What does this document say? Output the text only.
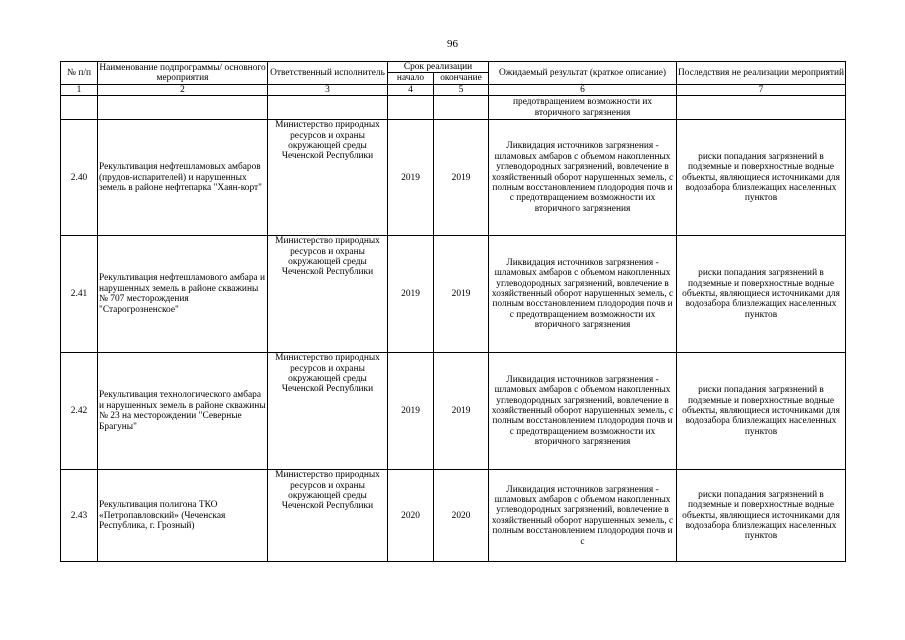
96
№ п/п	Наименование подпрограммы/ основного мероприятия	Ответственный исполнитель	Срок реализации		Ожидаемый результат (краткое описание)	Последствия не реализации мероприятий
			начало	окончание		
1	2	3	4	5	6	7
					предотвращением возможности их вторичного загрязнения	
2.40	Рекультивация нефтешламовых амбаров (прудов-испарителей) и нарушенных земель в районе нефтепарка "Хаян-корт"	Министерство природных ресурсов и охраны окружающей среды Чеченской Республики	2019	2019	Ликвидация источников загрязнения - шламовых амбаров с объемом накопленных углеводородных загрязнений, вовлечение в хозяйственный оборот нарушенных земель, с полным восстановлением плодородия почв и с предотвращением возможности их вторичного загрязнения	риски попадания загрязнений в подземные и поверхностные водные объекты, являющиеся источниками для водозабора близлежащих населенных пунктов
2.41	Рекультивация нефтешламового амбара и нарушенных земель в районе скважины № 707 месторождения "Старогрозненское"	Министерство природных ресурсов и охраны окружающей среды Чеченской Республики	2019	2019	Ликвидация источников загрязнения - шламовых амбаров с объемом накопленных углеводородных загрязнений, вовлечение в хозяйственный оборот нарушенных земель, с полным восстановлением плодородия почв и с предотвращением возможности их вторичного загрязнения	риски попадания загрязнений в подземные и поверхностные водные объекты, являющиеся источниками для водозабора близлежащих населенных пунктов
2.42	Рекультивация технологического амбара и нарушенных земель в районе скважины № 23 на месторождении "Северные Брагуны"	Министерство природных ресурсов и охраны окружающей среды Чеченской Республики	2019	2019	Ликвидация источников загрязнения - шламовых амбаров с объемом накопленных углеводородных загрязнений, вовлечение в хозяйственный оборот нарушенных земель, с полным восстановлением плодородия почв и с предотвращением возможности их вторичного загрязнения	риски попадания загрязнений в подземные и поверхностные водные объекты, являющиеся источниками для водозабора близлежащих населенных пунктов
2.43	Рекультивация полигона ТКО «Петропавловский» (Чеченская Республика, г. Грозный)	Министерство природных ресурсов и охраны окружающей среды Чеченской Республики	2020	2020	Ликвидация источников загрязнения - шламовых амбаров с объемом накопленных углеводородных загрязнений, вовлечение в хозяйственный оборот нарушенных земель, с полным восстановлением плодородия почв и с	риски попадания загрязнений в подземные и поверхностные водные объекты, являющиеся источниками для водозабора близлежащих населенных пунктов
